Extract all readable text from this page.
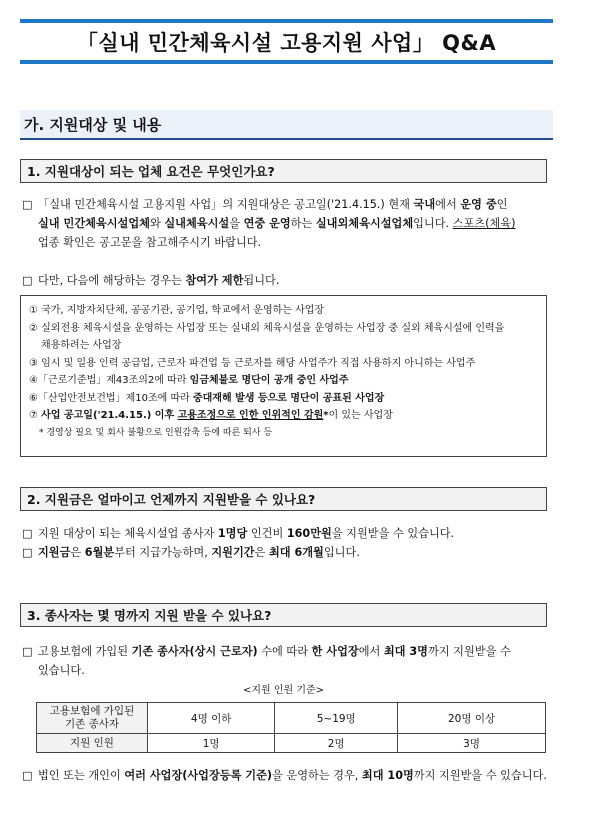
「실내 민간체육시설 고용지원 사업」 Q&A
가. 지원대상 및 내용
1. 지원대상이 되는 업체 요건은 무엇인가요?
□ 「실내 민간체육시설 고용지원 사업」의 지원대상은 공고일('21.4.15.) 현재 국내에서 운영 중인
실내 민간체육시설업체와 실내체육시설을 연중 운영하는 실내외체육시설업체입니다. 스포츠(체육)
업종 확인은 공고문을 참고해주시기 바랍니다.
□ 다만, 다음에 해당하는 경우는 참여가 제한됩니다.
① 국가, 지방자치단체, 공공기관, 공기업, 학교에서 운영하는 사업장
② 실외전용 체육시설을 운영하는 사업장 또는 실내외 체육시설을 운영하는 사업장 중 실외 체육시설에 인력을
채용하려는 사업장
③ 임시 및 일용 인력 공급업, 근로자 파견업 등 근로자를 해당 사업주가 직접 사용하지 아니하는 사업주
④「근로기준법」제43조의2에 따라 임금체불로 명단이 공개 중인 사업주
⑥「산업안전보건법」제10조에 따라 중대재해 발생 등으로 명단이 공표된 사업장
⑦ 사업 공고일('21.4.15.) 이후 고용조정으로 인한 인위적인 감원*이 있는 사업장
* 경영상 필요 및 회사 불황으로 인원감축 등에 따른 퇴사 등
2. 지원금은 얼마이고 언제까지 지원받을 수 있나요?
□ 지원 대상이 되는 체육시설업 종사자 1명당 인건비 160만원을 지원받을 수 있습니다.
□ 지원금은 6월분부터 지급가능하며, 지원기간은 최대 6개월입니다.
3. 종사자는 몇 명까지 지원 받을 수 있나요?
□ 고용보험에 가입된 기존 종사자(상시 근로자) 수에 따라 한 사업장에서 최대 3명까지 지원받을 수
있습니다.
<지원 인원 기준>
고용보험에 가입된
기존 종사자	4명 이하	5~19명	20명 이상
지원 인원	1명	2명	3명
□ 법인 또는 개인이 여러 사업장(사업장등록 기준)을 운영하는 경우, 최대 10명까지 지원받을 수 있습니다.
